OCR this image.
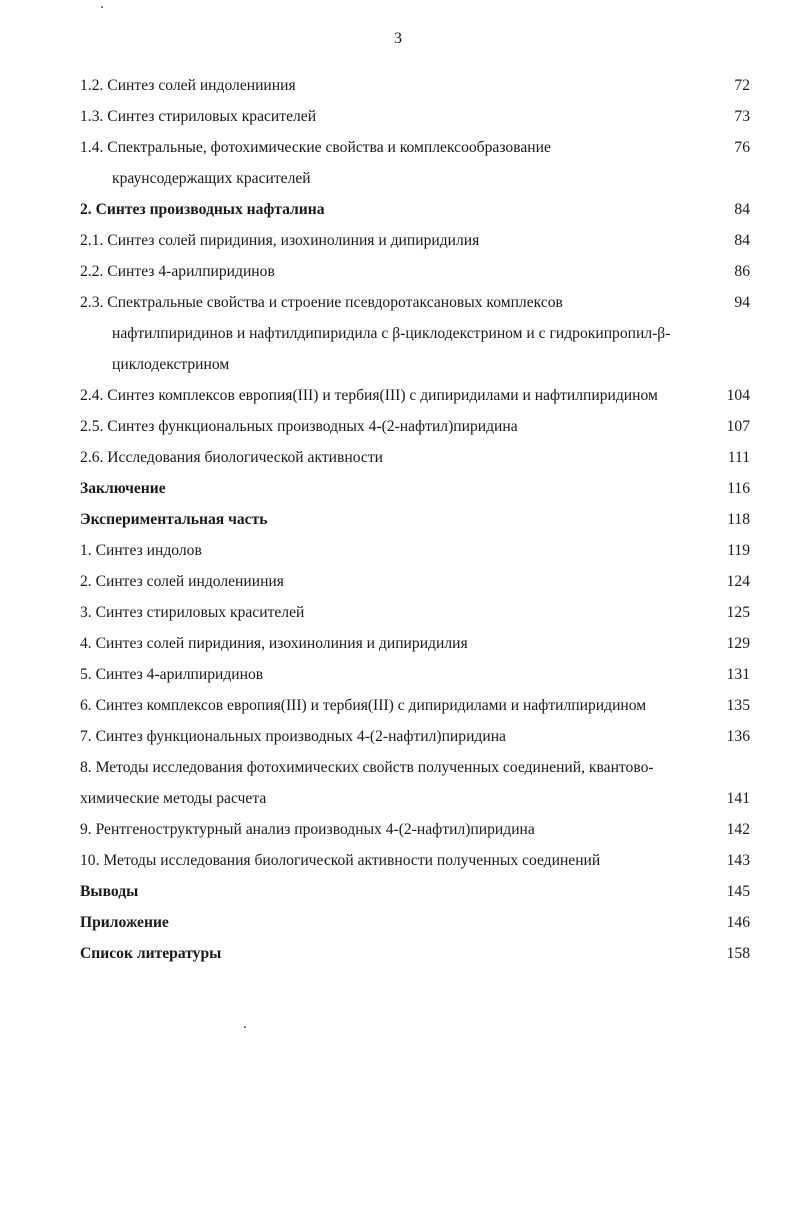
3
1.2. Синтез солей индоленииния	72
1.3. Синтез стириловых красителей	73
1.4. Спектральные, фотохимические свойства и комплексообразование	76
краунсодержащих красителей
2. Синтез производных нафталина	84
2.1. Синтез солей пиридиния, изохинолиния и дипиридилия	84
2.2. Синтез 4-арилпиридинов	86
2.3. Спектральные свойства и строение псевдоротаксановых комплексов	94
нафтилпиридинов и нафтилдипиридила с β-циклодекстрином и с гидрокипропил-β-
циклодекстрином
2.4. Синтез комплексов европия(III) и тербия(III) с дипиридилами и нафтилпиридином	104
2.5. Синтез функциональных производных 4-(2-нафтил)пиридина	107
2.6. Исследования биологической активности	111
Заключение	116
Экспериментальная часть	118
1. Синтез индолов	119
2. Синтез солей индоленииния	124
3. Синтез стириловых красителей	125
4. Синтез солей пиридиния, изохинолиния и дипиридилия	129
5. Синтез 4-арилпиридинов	131
6. Синтез комплексов европия(III) и тербия(III) с дипиридилами и нафтилпиридином	135
7. Синтез функциональных производных 4-(2-нафтил)пиридина	136
8. Методы исследования фотохимических свойств полученных соединений, квантово-
химические методы расчета	141
9. Рентгеноструктурный анализ производных 4-(2-нафтил)пиридина	142
10. Методы исследования биологической активности полученных соединений	143
Выводы	145
Приложение	146
Список литературы	158
